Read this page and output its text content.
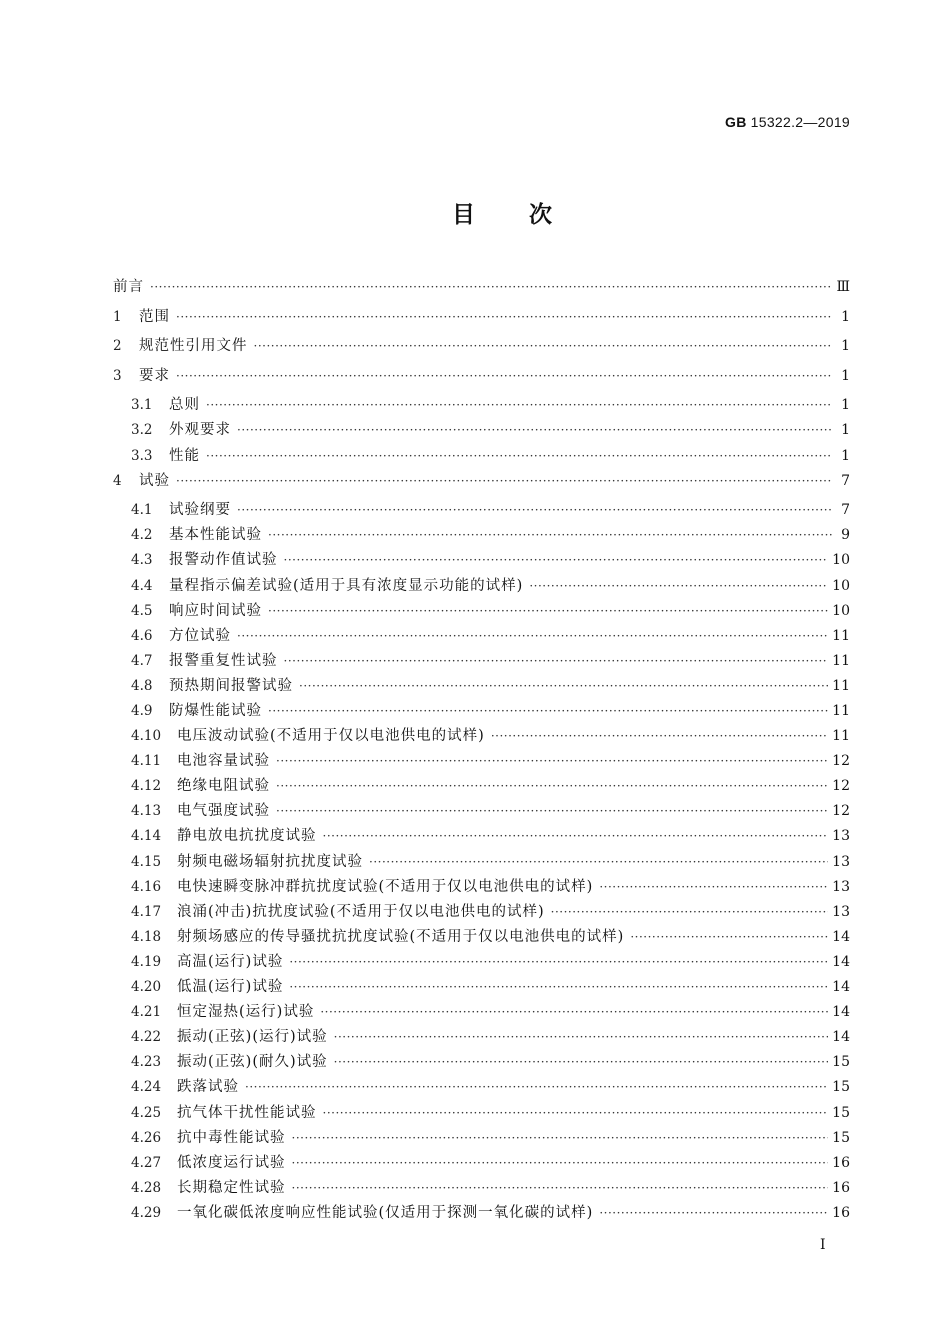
GB 15322.2—2019
目次
前言 ·····	Ⅲ
1	范围 ·····	1
2	规范性引用文件 ·····	1
3	要求 ·····	1
3.1	总则 ·····	1
3.2	外观要求 ·····	1
3.3	性能 ·····	1
4	试验 ·····	7
4.1	试验纲要 ·····	7
4.2	基本性能试验 ·····	9
4.3	报警动作值试验 ·····	10
4.4	量程指示偏差试验(适用于具有浓度显示功能的试样) ·····	10
4.5	响应时间试验 ·····	10
4.6	方位试验 ·····	11
4.7	报警重复性试验 ·····	11
4.8	预热期间报警试验 ·····	11
4.9	防爆性能试验 ·····	11
4.10	电压波动试验(不适用于仅以电池供电的试样) ·····	11
4.11	电池容量试验 ·····	12
4.12	绝缘电阻试验 ·····	12
4.13	电气强度试验 ·····	12
4.14	静电放电抗扰度试验 ·····	13
4.15	射频电磁场辐射抗扰度试验 ·····	13
4.16	电快速瞬变脉冲群抗扰度试验(不适用于仅以电池供电的试样) ·····	13
4.17	浪涌(冲击)抗扰度试验(不适用于仅以电池供电的试样) ·····	13
4.18	射频场感应的传导骚扰抗扰度试验(不适用于仅以电池供电的试样) ·····	14
4.19	高温(运行)试验 ·····	14
4.20	低温(运行)试验 ·····	14
4.21	恒定湿热(运行)试验 ·····	14
4.22	振动(正弦)(运行)试验 ·····	14
4.23	振动(正弦)(耐久)试验 ·····	15
4.24	跌落试验 ·····	15
4.25	抗气体干扰性能试验 ·····	15
4.26	抗中毒性能试验 ·····	15
4.27	低浓度运行试验 ·····	16
4.28	长期稳定性试验 ·····	16
4.29	一氧化碳低浓度响应性能试验(仅适用于探测一氧化碳的试样) ·····	16
I
